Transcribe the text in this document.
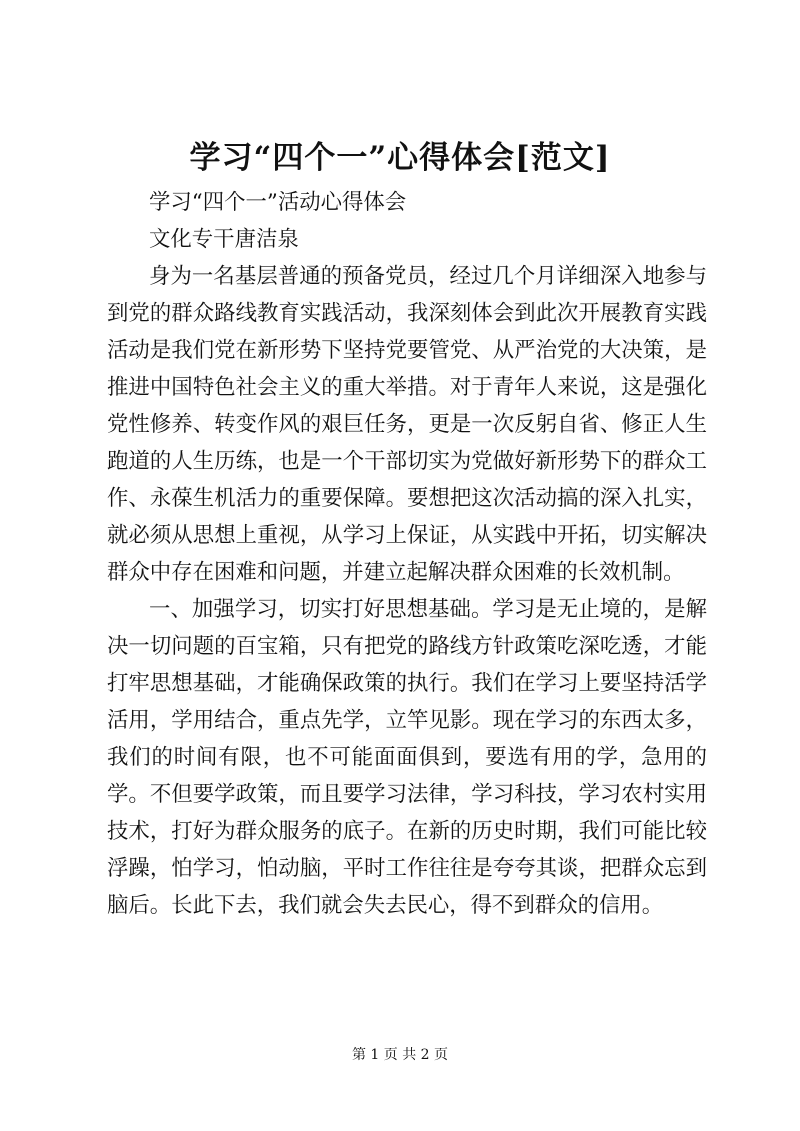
学习“四个一”心得体会[范文]

学习“四个一”活动心得体会

文化专干唐洁泉

身为一名基层普通的预备党员，经过几个月详细深入地参与到党的群众路线教育实践活动，我深刻体会到此次开展教育实践活动是我们党在新形势下坚持党要管党、从严治党的大决策，是推进中国特色社会主义的重大举措。对于青年人来说，这是强化党性修养、转变作风的艰巨任务，更是一次反躬自省、修正人生跑道的人生历练，也是一个干部切实为党做好新形势下的群众工作、永葆生机活力的重要保障。要想把这次活动搞的深入扎实，就必须从思想上重视，从学习上保证，从实践中开拓，切实解决群众中存在困难和问题，并建立起解决群众困难的长效机制。

一、加强学习，切实打好思想基础。学习是无止境的，是解决一切问题的百宝箱，只有把党的路线方针政策吃深吃透，才能打牢思想基础，才能确保政策的执行。我们在学习上要坚持活学活用，学用结合，重点先学，立竿见影。现在学习的东西太多，我们的时间有限，也不可能面面俱到，要选有用的学，急用的学。不但要学政策，而且要学习法律，学习科技，学习农村实用技术，打好为群众服务的底子。在新的历史时期，我们可能比较浮躁，怕学习，怕动脑，平时工作往往是夸夸其谈，把群众忘到脑后。长此下去，我们就会失去民心，得不到群众的信用。

第 1 页 共 2 页
